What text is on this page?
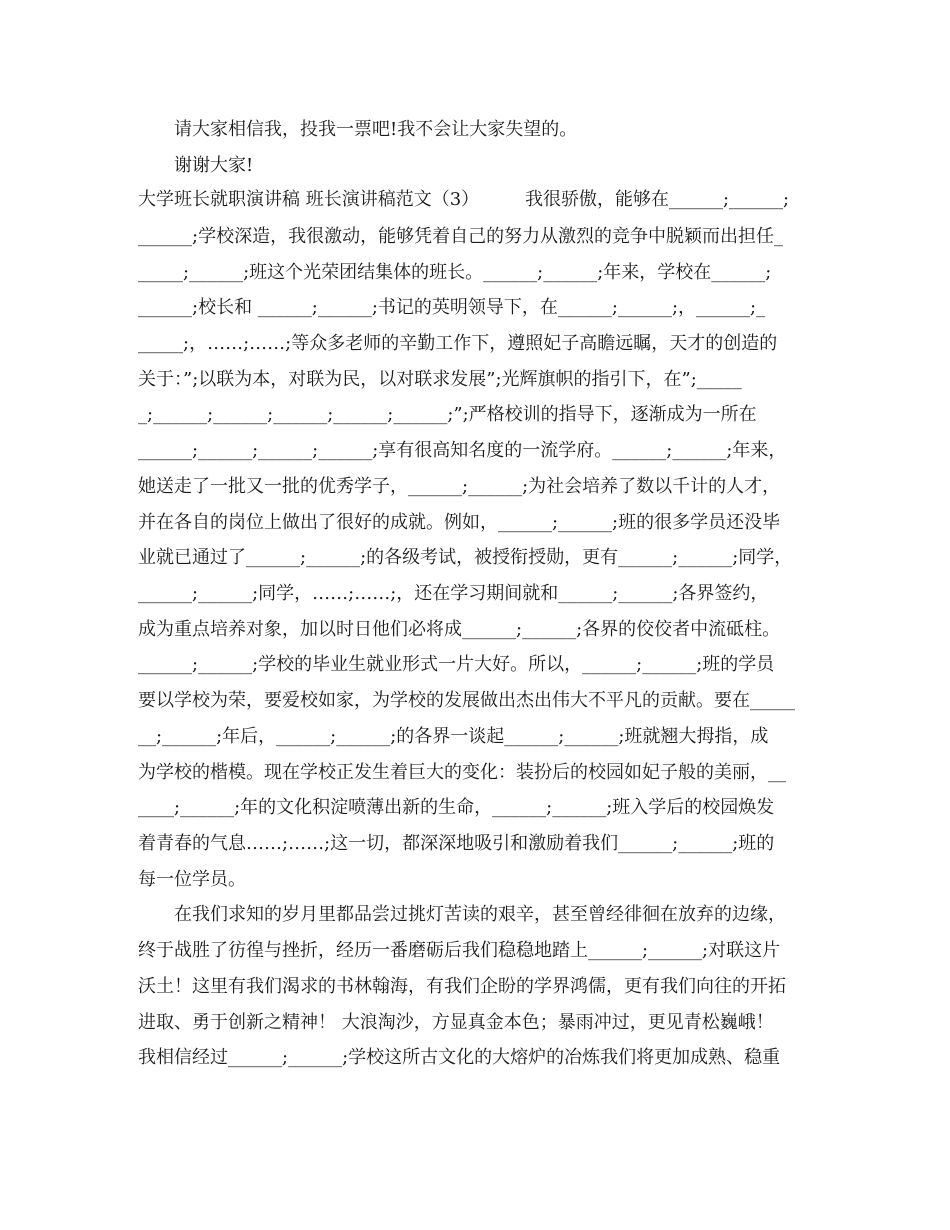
请大家相信我，投我一票吧!我不会让大家失望的。
谢谢大家!
大学班长就职演讲稿 班长演讲稿范文（3）        我很骄傲，能够在______;______;
______;学校深造，我很激动，能够凭着自己的努力从激烈的竞争中脱颖而出担任_
_____;______;班这个光荣团结集体的班长。______;______;年来，学校在______;
______;校长和 ______;______;书记的英明领导下，在______;______;，______;_
_____;，……;……;等众多老师的辛勤工作下，遵照妃子高瞻远瞩，天才的创造的
关于：”;以联为本，对联为民，以对联求发展”;光辉旗帜的指引下，在”;_____
_;______;______;______;______;______;”;严格校训的指导下，逐渐成为一所在
______;______;______;______;享有很高知名度的一流学府。______;______;年来，
她送走了一批又一批的优秀学子，______;______;为社会培养了数以千计的人才，
并在各自的岗位上做出了很好的成就。例如，______;______;班的很多学员还没毕
业就已通过了______;______;的各级考试，被授衔授勋，更有______;______;同学，
______;______;同学，……;……;，还在学习期间就和______;______;各界签约，
成为重点培养对象，加以时日他们必将成______;______;各界的佼佼者中流砥柱。
______;______;学校的毕业生就业形式一片大好。所以，______;______;班的学员
要以学校为荣，要爱校如家，为学校的发展做出杰出伟大不平凡的贡献。要在_____
__;______;年后，______;______;的各界一谈起______;______;班就翘大拇指，成
为学校的楷模。现在学校正发生着巨大的变化：装扮后的校园如妃子般的美丽，__
____;______;年的文化积淀喷薄出新的生命，______;______;班入学后的校园焕发
着青春的气息……;……;这一切，都深深地吸引和激励着我们______;______;班的
每一位学员。
在我们求知的岁月里都品尝过挑灯苦读的艰辛，甚至曾经徘徊在放弃的边缘，
终于战胜了彷徨与挫折，经历一番磨砺后我们稳稳地踏上______;______;对联这片
沃土！这里有我们渴求的书林翰海，有我们企盼的学界鸿儒，更有我们向往的开拓
进取、勇于创新之精神！ 大浪淘沙，方显真金本色；暴雨冲过，更见青松巍峨！
我相信经过______;______;学校这所古文化的大熔炉的冶炼我们将更加成熟、稳重
